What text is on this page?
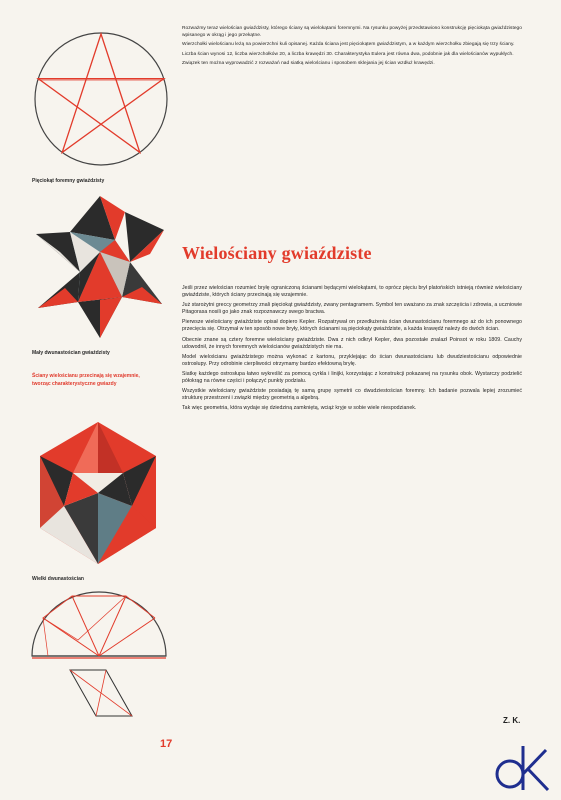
Pięciokąt foremny gwiaździsty
Mały dwunastościan gwiaździsty
Ściany wielościanu przecinają się wzajemnie, tworząc charakterystyczne gwiazdy
Wielki dwunastościan

Rozważmy teraz wielościan gwiaździsty, którego ściany są wielokątami foremnymi. Na rysunku powyżej przedstawiono konstrukcję pięciokąta gwiaździstego wpisanego w okrąg i jego przekątne.

Wierzchołki wielościanu leżą na powierzchni kuli opisanej. Każda ściana jest pięciokątem gwiaździstym, a w każdym wierzchołku zbiegają się trzy ściany.

Liczba ścian wynosi 12, liczba wierzchołków 20, a liczba krawędzi 30. Charakterystyka Eulera jest równa dwa, podobnie jak dla wielościanów wypukłych.

Związek ten można wyprowadzić z rozważań nad siatką wielościanu i sposobem sklejania jej ścian wzdłuż krawędzi.

Wielościany gwiaździste

Jeśli przez wielościan rozumieć bryłę ograniczoną ścianami będącymi wielokątami, to oprócz pięciu brył platońskich istnieją również wielościany gwiaździste, których ściany przecinają się wzajemnie.

Już starożytni greccy geometrzy znali pięciokąt gwiaździsty, zwany pentagramem. Symbol ten uważano za znak szczęścia i zdrowia, a uczniowie Pitagorasa nosili go jako znak rozpoznawczy swego bractwa.

Pierwsze wielościany gwiaździste opisał dopiero Kepler. Rozpatrywał on przedłużenia ścian dwunastościanu foremnego aż do ich ponownego przecięcia się. Otrzymał w ten sposób nowe bryły, których ścianami są pięciokąty gwiaździste, a każda krawędź należy do dwóch ścian.

Obecnie znane są cztery foremne wielościany gwiaździste. Dwa z nich odkrył Kepler, dwa pozostałe znalazł Poinsot w roku 1809. Cauchy udowodnił, że innych foremnych wielościanów gwiaździstych nie ma.

Model wielościanu gwiaździstego można wykonać z kartonu, przyklejając do ścian dwunastościanu lub dwudziestościanu odpowiednie ostrosłupy. Przy odrobinie cierpliwości otrzymamy bardzo efektowną bryłę.

Siatkę każdego ostrosłupa łatwo wykreślić za pomocą cyrkla i linijki, korzystając z konstrukcji pokazanej na rysunku obok. Wystarczy podzielić półokrąg na równe części i połączyć punkty podziału.

Wszystkie wielościany gwiaździste posiadają tę samą grupę symetrii co dwudziestościan foremny. Ich badanie pozwala lepiej zrozumieć strukturę przestrzeni i związki między geometrią a algebrą.

Tak więc geometria, która wydaje się dziedziną zamkniętą, wciąż kryje w sobie wiele niespodzianek.

Z. K.
17
